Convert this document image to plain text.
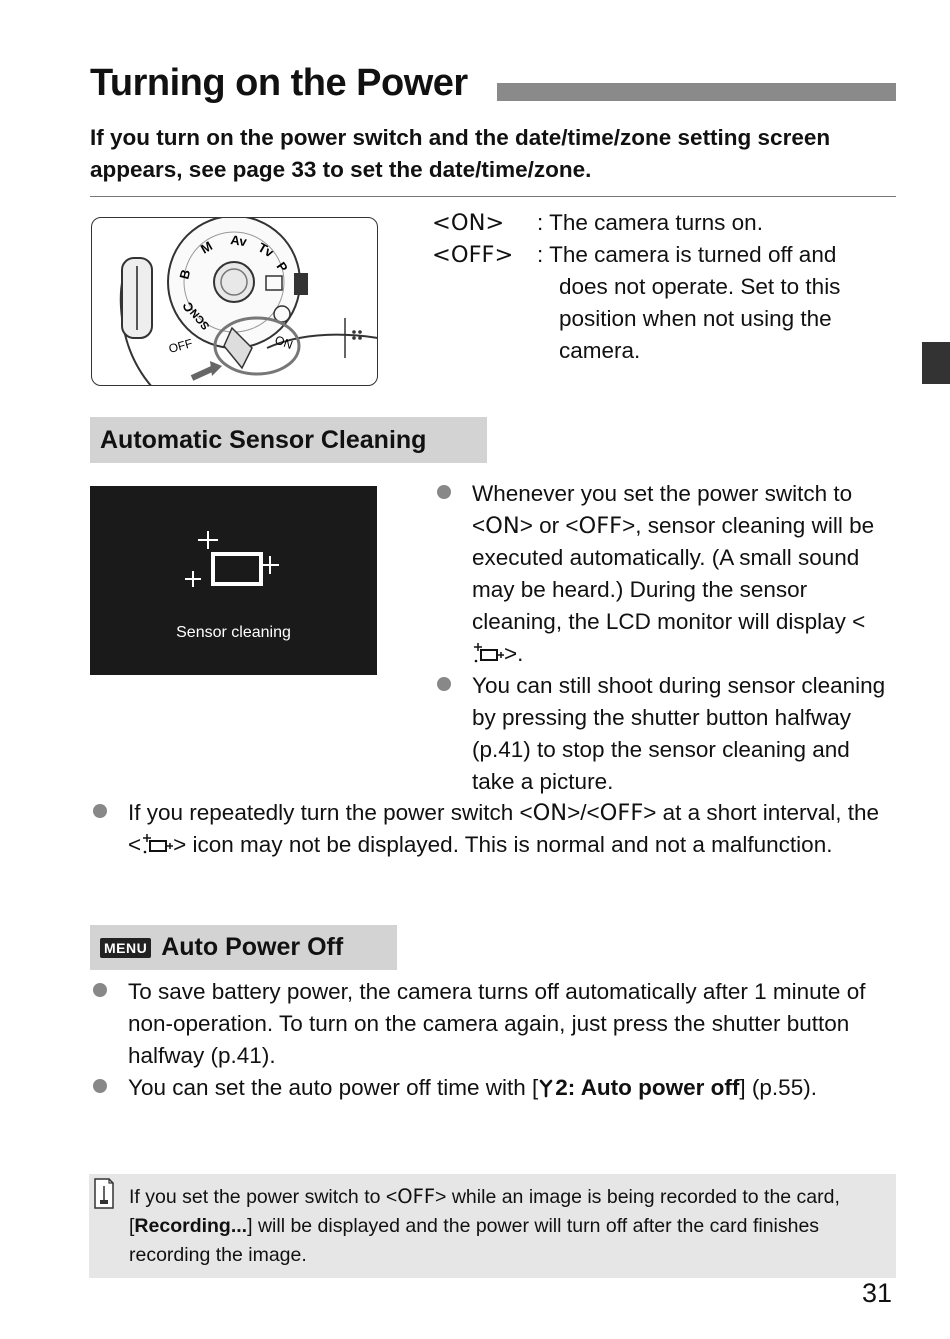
Turning on the Power
If you turn on the power switch and the date/time/zone setting screen appears, see page 33 to set the date/time/zone.
Av
M	Tv
P
B
C
SCN
OFF	ON
<ON>	: The camera turns on.
<OFF>	: The camera is turned off and
does not operate. Set to this position when not using the camera.
Automatic Sensor Cleaning
Sensor cleaning
Whenever you set the power switch to <ON> or <OFF>, sensor cleaning will be executed automatically. (A small sound may be heard.) During the sensor cleaning, the LCD monitor will display <>.
You can still shoot during sensor cleaning by pressing the shutter button halfway (p.41) to stop the sensor cleaning and take a picture.
If you repeatedly turn the power switch <ON>/<OFF> at a short interval, the < > icon may not be displayed. This is normal and not a malfunction.
MENU Auto Power Off
To save battery power, the camera turns off automatically after 1 minute of non-operation. To turn on the camera again, just press the shutter button halfway (p.41).
You can set the auto power off time with [ 2: Auto power off] (p.55).
If you set the power switch to <OFF> while an image is being recorded to the card, [Recording...] will be displayed and the power will turn off after the card finishes recording the image.
31
